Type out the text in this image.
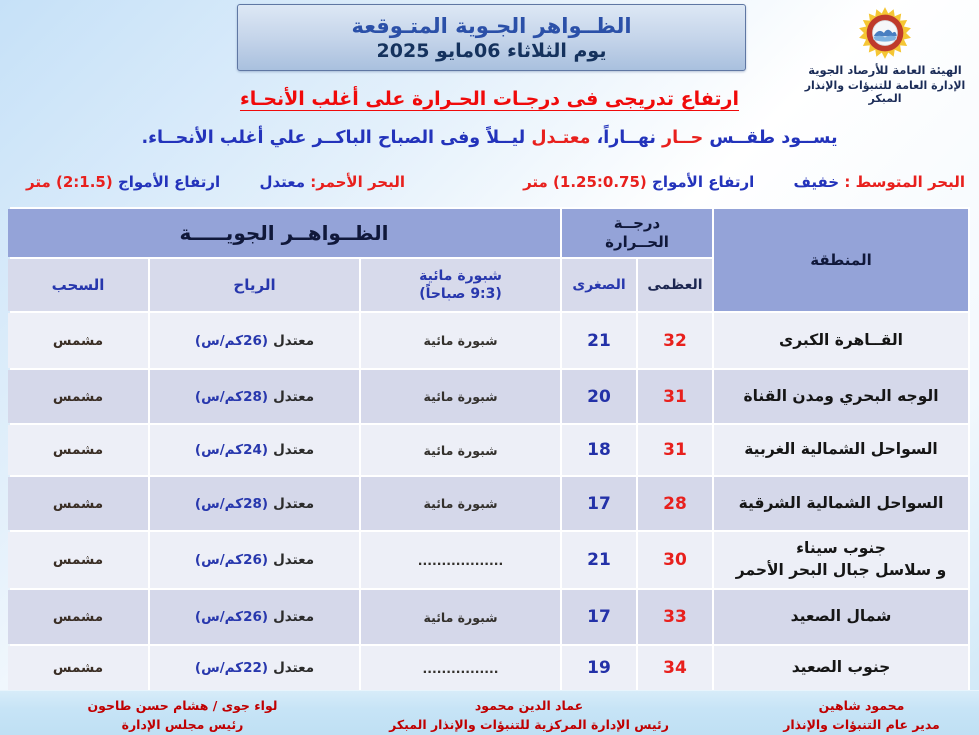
الظــواهر الجـوية المتـوقعة
يوم الثلاثاء 06مايو 2025
الهيئة العامة للأرصاد الجوية
الإدارة العامة للتنبؤات والإنذار المبكر
ارتفاع تدريجى فى درجـات الحـرارة على أغلب الأنحـاء
يســود طقــس حــار نهــاراً، معتـدل ليــلاً وفى الصباح الباكــر علي أغلب الأنحــاء.
البحر المتوسط : خفيف ارتفاع الأمواج (1.25:0.75) متر
البحر الأحمر: معتدل ارتفاع الأمواج (2:1.5) متر
المنطقة
درجــة
الحــرارة
الظــواهــر الجويـــــة
العظمى
الصغرى
شبورة مائية
(9:3 صباحاً)
الرياح
السحب
القــاهرة الكبرى
32
21
شبورة مائية
معتدل
(26كم/س)
مشمس
الوجه البحري ومدن القناة
31
20
شبورة مائية
معتدل
(28كم/س)
مشمس
السواحل الشمالية الغربية
31
18
شبورة مائية
معتدل
(24كم/س)
مشمس
السواحل الشمالية الشرقية
28
17
شبورة مائية
معتدل
(28كم/س)
مشمس
جنوب سيناء
و سلاسل جبال البحر الأحمر
30
21
..................
معتدل
(26كم/س)
مشمس
شمال الصعيد
33
17
شبورة مائية
معتدل
(26كم/س)
مشمس
جنوب الصعيد
34
19
................
معتدل
(22كم/س)
مشمس
محمود شاهين
مدير عام التنبؤات والإنذار
عماد الدين محمود
رئيس الإدارة المركزية للتنبؤات والإنذار المبكر
لواء جوى / هشام حسن طاحون
رئيس مجلس الإدارة
